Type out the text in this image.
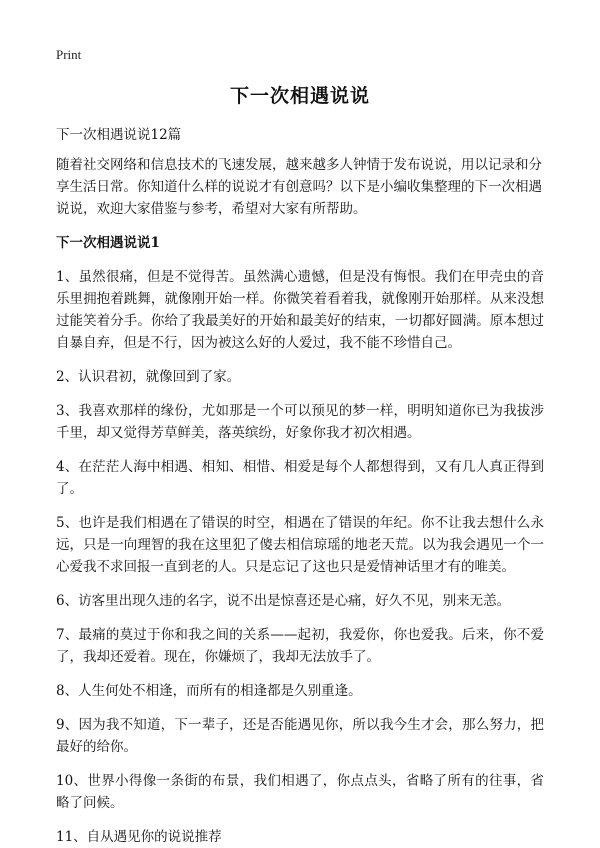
Print
下一次相遇说说

下一次相遇说说12篇

随着社交网络和信息技术的飞速发展，越来越多人钟情于发布说说，用以记录和分享生活日常。你知道什么样的说说才有创意吗？以下是小编收集整理的下一次相遇说说，欢迎大家借鉴与参考，希望对大家有所帮助。

下一次相遇说说1

1、虽然很痛，但是不觉得苦。虽然满心遗憾，但是没有悔恨。我们在甲壳虫的音乐里拥抱着跳舞，就像刚开始一样。你微笑着看着我，就像刚开始那样。从来没想过能笑着分手。你给了我最美好的开始和最美好的结束，一切都好圆满。原本想过自暴自弃，但是不行，因为被这么好的人爱过，我不能不珍惜自己。
2、认识君初，就像回到了家。
3、我喜欢那样的缘份，尤如那是一个可以预见的梦一样，明明知道你已为我拔涉千里，却又觉得芳草鲜美，落英缤纷，好象你我才初次相遇。
4、在茫茫人海中相遇、相知、相惜、相爱是每个人都想得到，又有几人真正得到了。
5、也许是我们相遇在了错误的时空，相遇在了错误的年纪。你不让我去想什么永远，只是一向理智的我在这里犯了傻去相信琼瑶的地老天荒。以为我会遇见一个一心爱我不求回报一直到老的人。只是忘记了这也只是爱情神话里才有的唯美。
6、访客里出现久违的名字，说不出是惊喜还是心痛，好久不见，别来无恙。
7、最痛的莫过于你和我之间的关系——起初，我爱你，你也爱我。后来，你不爱了，我却还爱着。现在，你嫌烦了，我却无法放手了。
8、人生何处不相逢，而所有的相逢都是久别重逢。
9、因为我不知道，下一辈子，还是否能遇见你，所以我今生才会，那么努力，把最好的给你。
10、世界小得像一条街的布景，我们相遇了，你点点头，省略了所有的往事，省略了问候。
11、自从遇见你的说说推荐
